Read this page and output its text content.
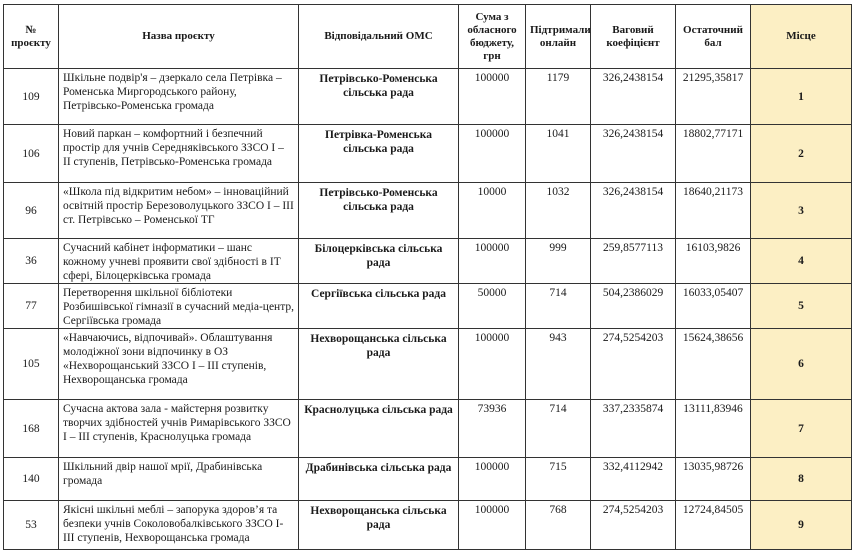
№ проєкту	Назва проєкту	Відповідальний ОМС	Сума з обласного бюджету, грн	Підтримали онлайн	Ваговий коефіцієнт	Остаточний бал	Місце
109	Шкільне подвір'я – дзеркало села Петрівка – Роменська Миргородського району, Петрівсько-Роменська громада	Петрівсько-Роменська сільська рада	100000	1179	326,2438154	21295,35817	1
106	Новий паркан – комфортний і безпечний простір для учнів Середняківського ЗЗСО І – ІІ ступенів, Петрівсько-Роменська громада	Петрівка-Роменська сільська рада	100000	1041	326,2438154	18802,77171	2
96	«Школа під відкритим небом» – інноваційний освітній простір Березоволуцького ЗЗСО І – ІІІ ст. Петрівсько – Роменської ТГ	Петрівсько-Роменська сільська рада	10000	1032	326,2438154	18640,21173	3
36	Сучасний кабінет інформатики – шанс кожному учневі проявити свої здібності в ІТ сфері, Білоцерківська громада	Білоцерківська сільська рада	100000	999	259,8577113	16103,9826	4
77	Перетворення шкільної бібліотеки Розбишівської гімназії в сучасний медіа-центр, Сергіївська громада	Сергіївська сільська рада	50000	714	504,2386029	16033,05407	5
105	«Навчаючись, відпочивай». Облаштування молодіжної зони відпочинку в ОЗ «Нехворощанський ЗЗСО І – ІІІ ступенів, Нехворощанська громада	Нехворощанська сільська рада	100000	943	274,5254203	15624,38656	6
168	Сучасна актова зала - майстерня розвитку творчих здібностей учнів Римарівського ЗЗСО І – ІІІ ступенів, Краснолуцька громада	Краснолуцька сільська рада	73936	714	337,2335874	13111,83946	7
140	Шкільний двір нашої мрії, Драбинівська громада	Драбинівська сільська рада	100000	715	332,4112942	13035,98726	8
53	Якісні шкільні меблі – запорука здоров’я та безпеки учнів Соколовобалківського ЗЗСО І-ІІІ ступенів, Нехворощанська громада	Нехворощанська сільська рада	100000	768	274,5254203	12724,84505	9
